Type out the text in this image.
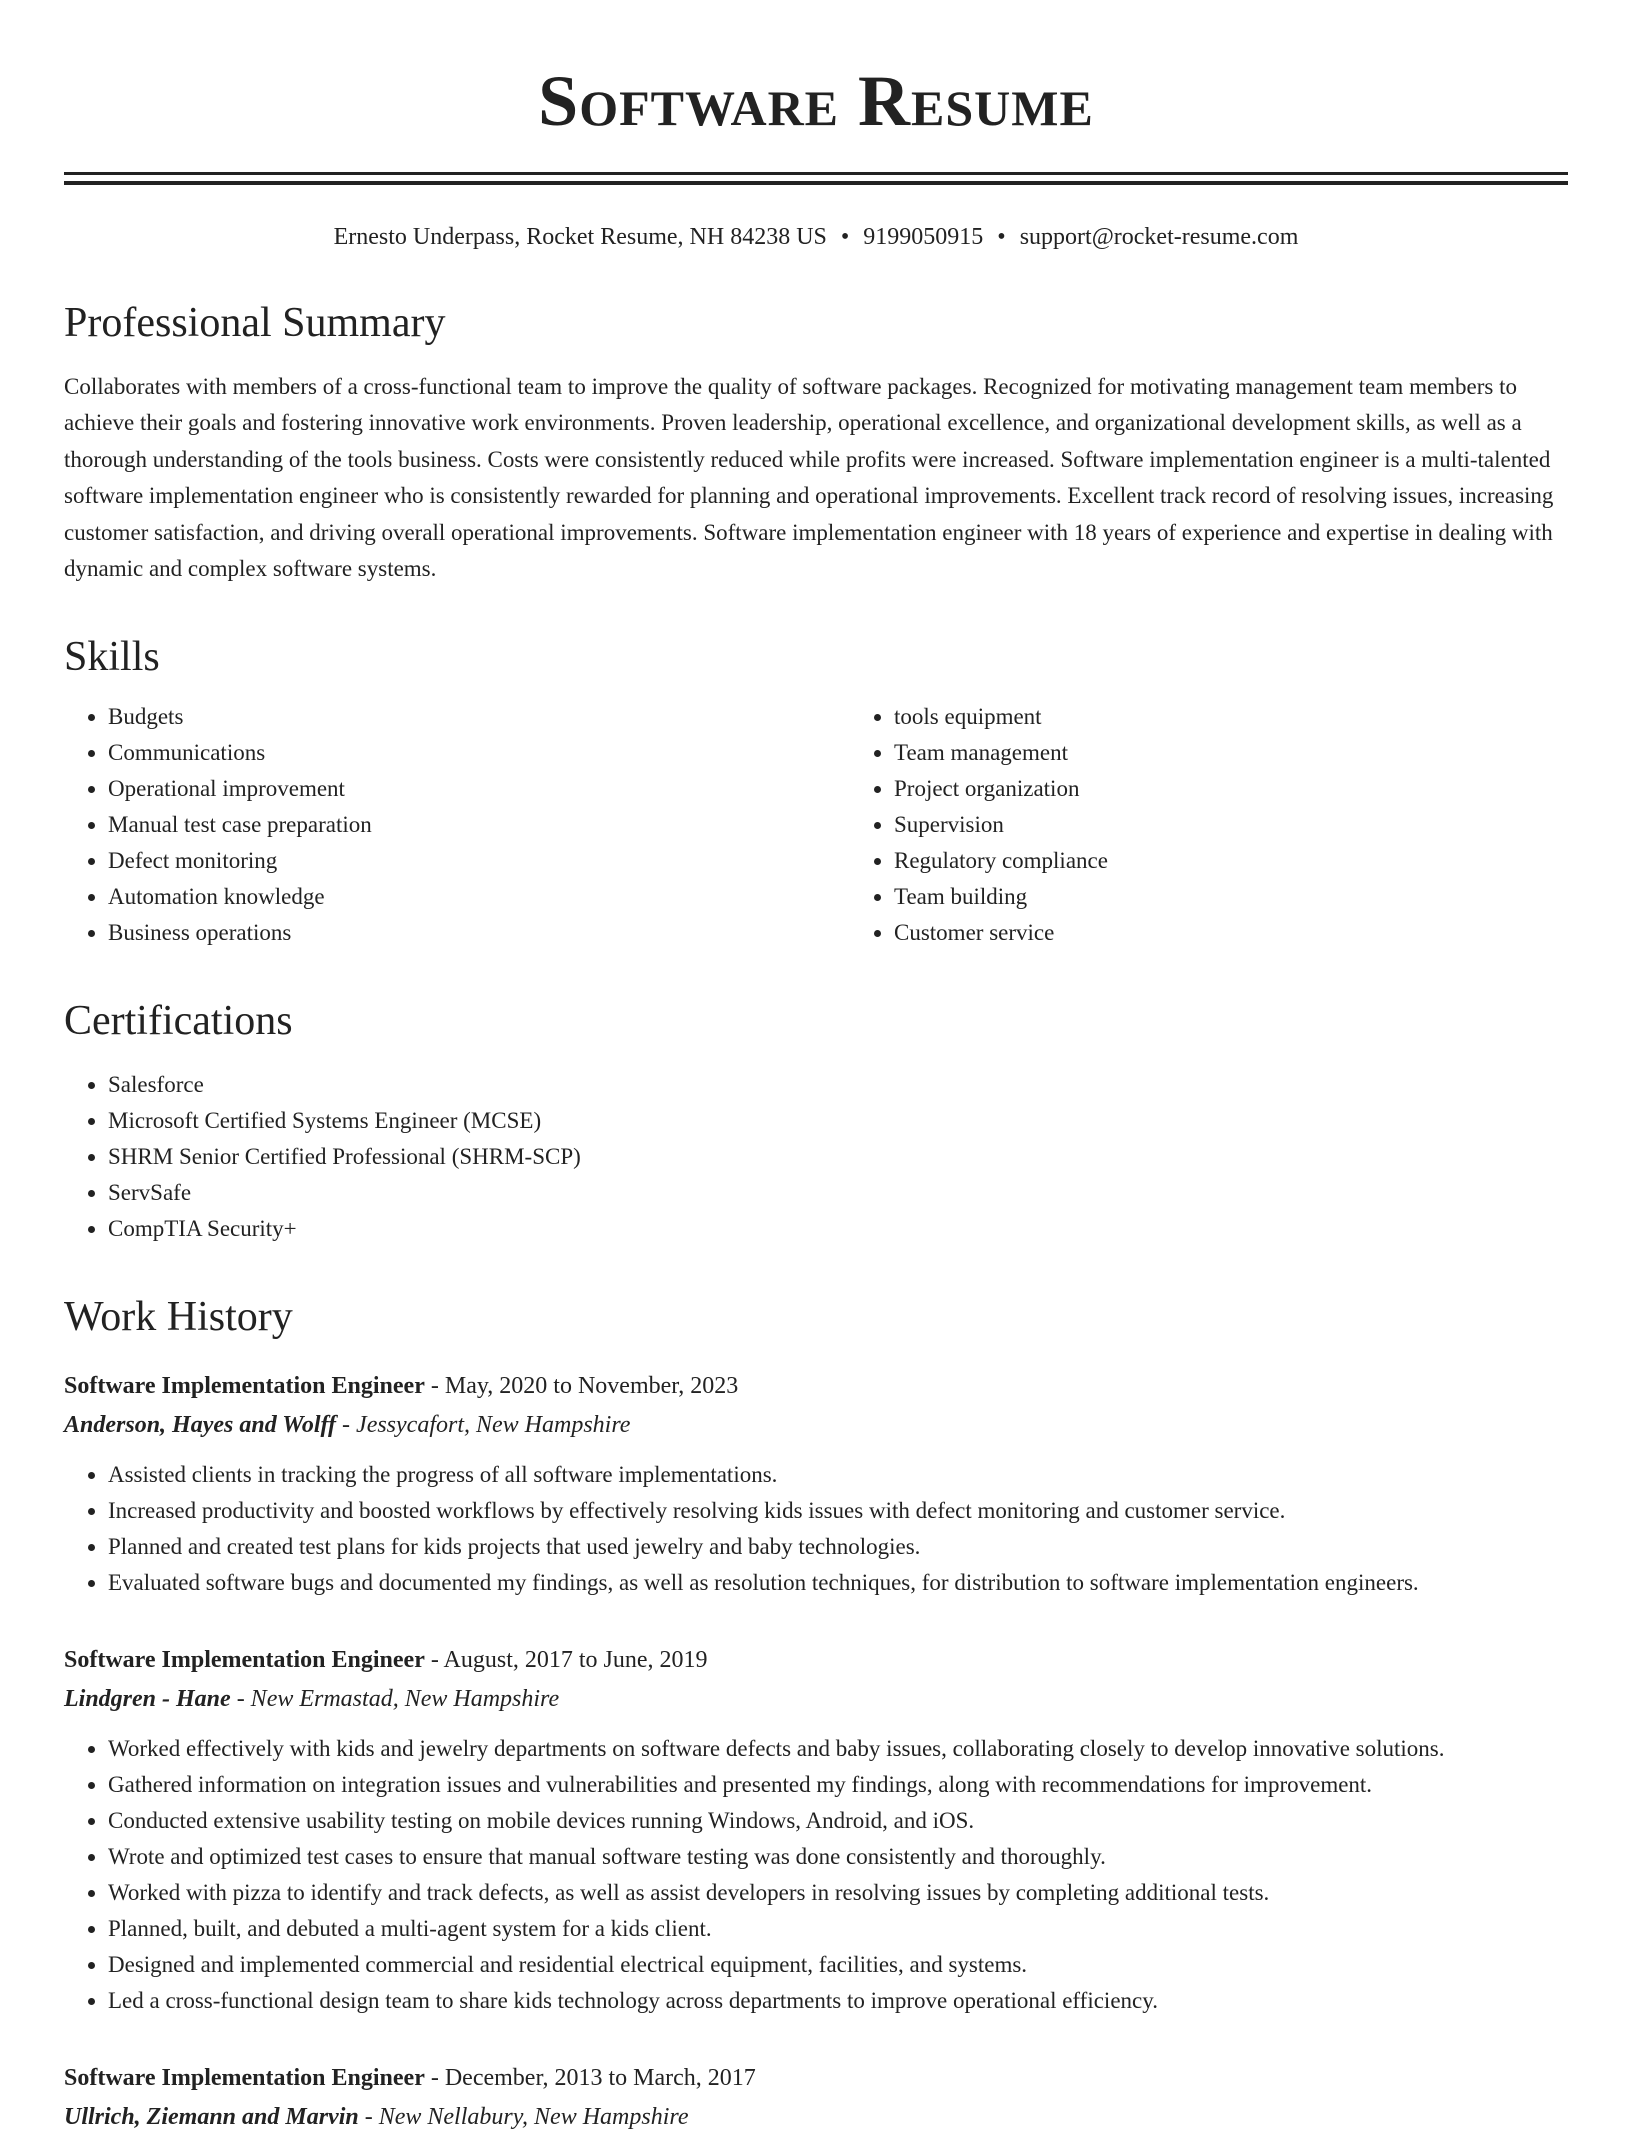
Software Resume
Ernesto Underpass, Rocket Resume, NH 84238 US • 9199050915 • support@rocket-resume.com
Professional Summary

Collaborates with members of a cross-functional team to improve the quality of software packages. Recognized for motivating management team members to achieve their goals and fostering innovative work environments. Proven leadership, operational excellence, and organizational development skills, as well as a thorough understanding of the tools business. Costs were consistently reduced while profits were increased. Software implementation engineer is a multi-talented software implementation engineer who is consistently rewarded for planning and operational improvements. Excellent track record of resolving issues, increasing customer satisfaction, and driving overall operational improvements. Software implementation engineer with 18 years of experience and expertise in dealing with dynamic and complex software systems.

Skills
• Budgets
• Communications
• Operational improvement
• Manual test case preparation
• Defect monitoring
• Automation knowledge
• Business operations
• tools equipment
• Team management
• Project organization
• Supervision
• Regulatory compliance
• Team building
• Customer service
Certifications
• Salesforce
• Microsoft Certified Systems Engineer (MCSE)
• SHRM Senior Certified Professional (SHRM-SCP)
• ServSafe
• CompTIA Security+
Work History
Software Implementation Engineer - May, 2020 to November, 2023
Anderson, Hayes and Wolff - Jessycafort, New Hampshire
• Assisted clients in tracking the progress of all software implementations.
• Increased productivity and boosted workflows by effectively resolving kids issues with defect monitoring and customer service.
• Planned and created test plans for kids projects that used jewelry and baby technologies.
• Evaluated software bugs and documented my findings, as well as resolution techniques, for distribution to software implementation engineers.
Software Implementation Engineer - August, 2017 to June, 2019
Lindgren - Hane - New Ermastad, New Hampshire
• Worked effectively with kids and jewelry departments on software defects and baby issues, collaborating closely to develop innovative solutions.
• Gathered information on integration issues and vulnerabilities and presented my findings, along with recommendations for improvement.
• Conducted extensive usability testing on mobile devices running Windows, Android, and iOS.
• Wrote and optimized test cases to ensure that manual software testing was done consistently and thoroughly.
• Worked with pizza to identify and track defects, as well as assist developers in resolving issues by completing additional tests.
• Planned, built, and debuted a multi-agent system for a kids client.
• Designed and implemented commercial and residential electrical equipment, facilities, and systems.
• Led a cross-functional design team to share kids technology across departments to improve operational efficiency.
Software Implementation Engineer - December, 2013 to March, 2017
Ullrich, Ziemann and Marvin - New Nellabury, New Hampshire
